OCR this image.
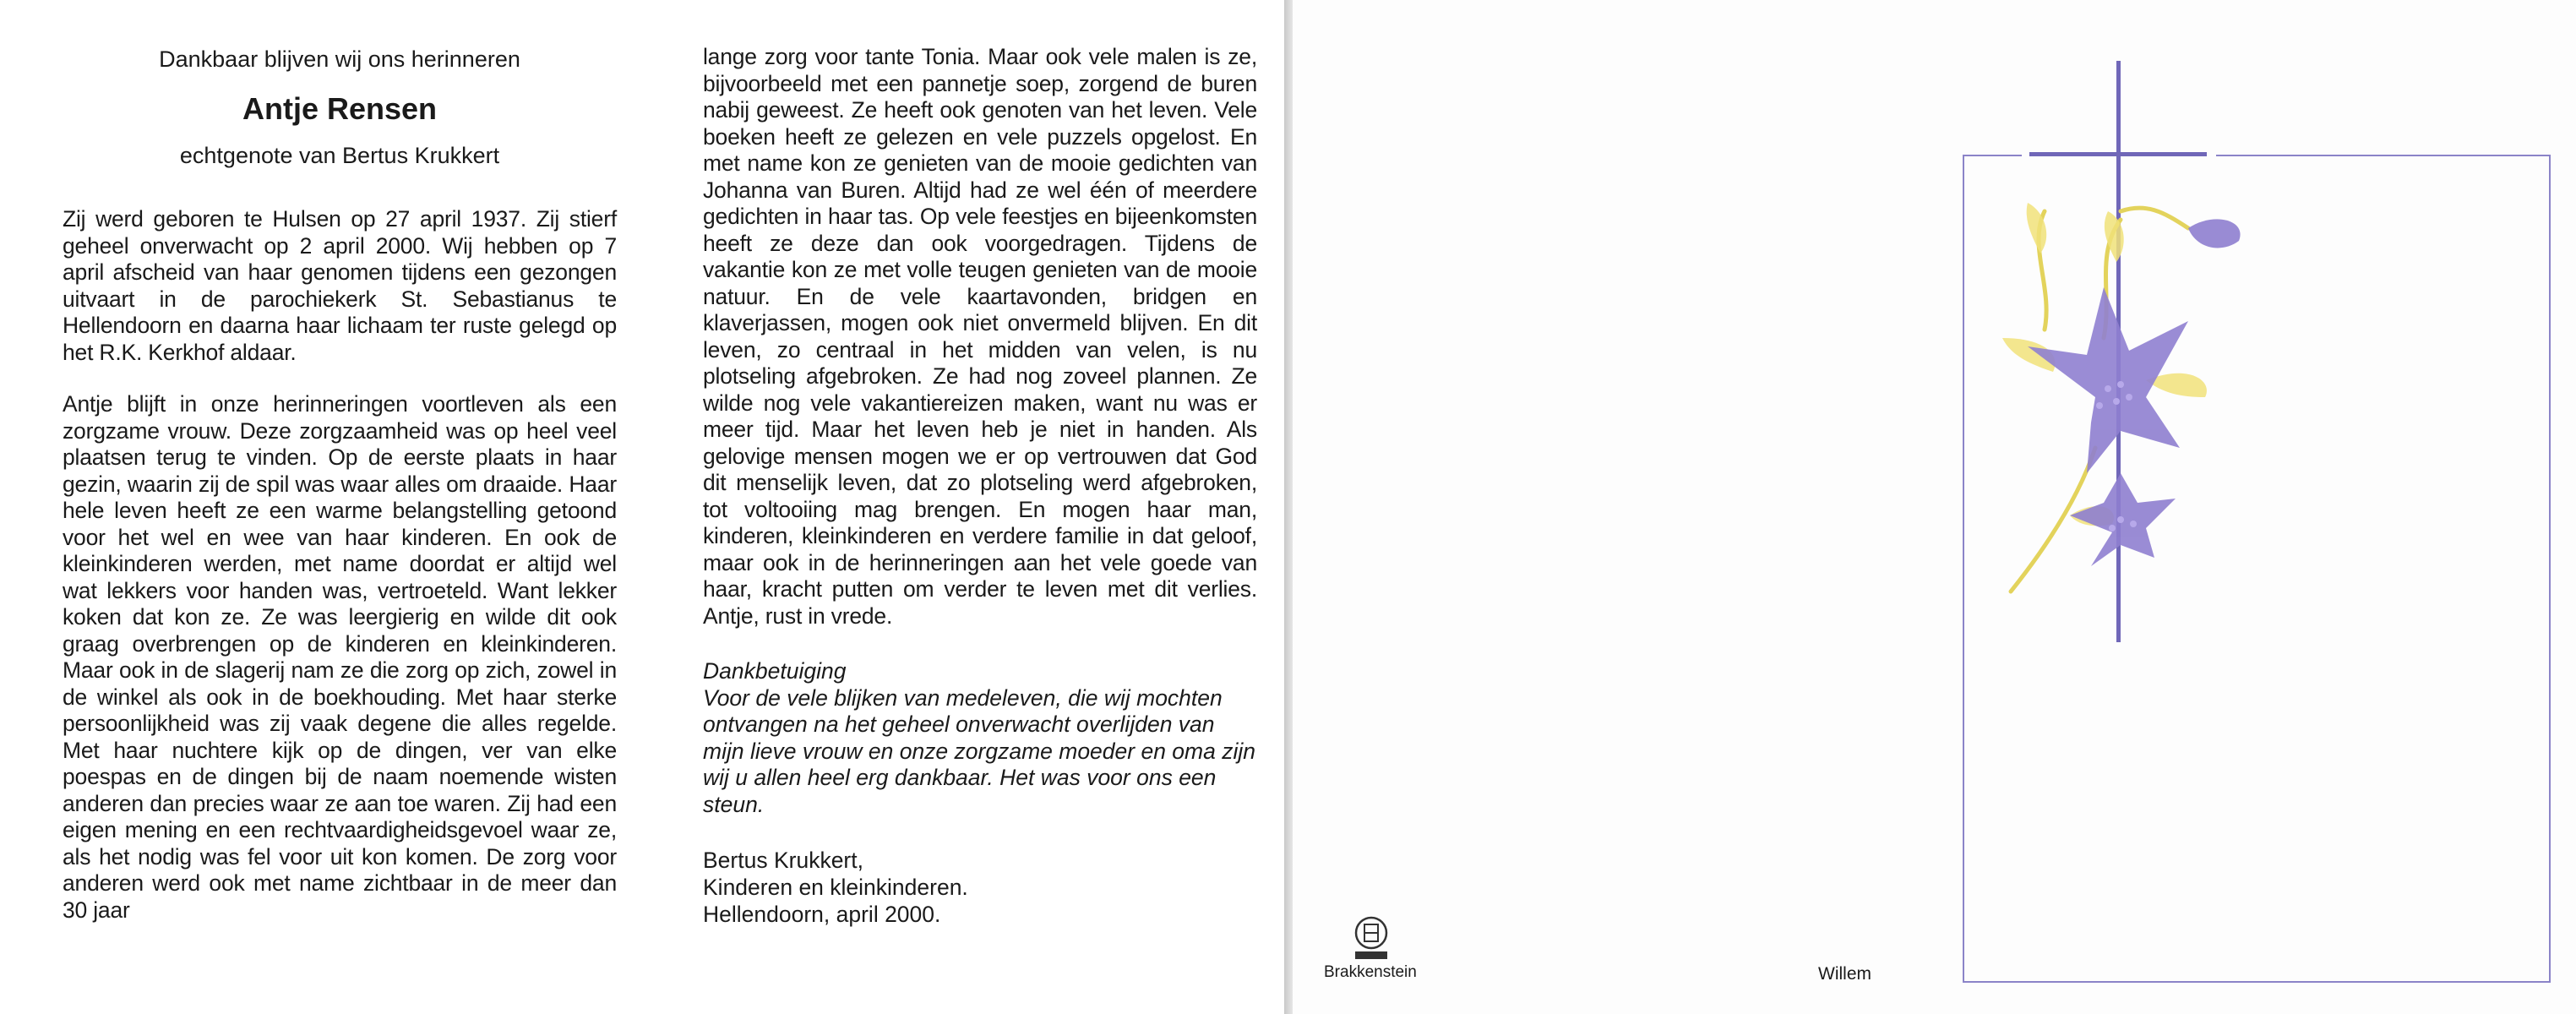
Dankbaar blijven wij ons herinneren

Antje Rensen

echtgenote van Bertus Krukkert

Zij werd geboren te Hulsen op 27 april 1937. Zij stierf geheel onverwacht op 2 april 2000. Wij hebben op 7 april afscheid van haar genomen tijdens een gezongen uitvaart in de parochiekerk St. Sebastianus te Hellendoorn en daarna haar lichaam ter ruste gelegd op het R.K. Kerkhof aldaar.

Antje blijft in onze herinneringen voortleven als een zorgzame vrouw. Deze zorgzaamheid was op heel veel plaatsen terug te vinden. Op de eerste plaats in haar gezin, waarin zij de spil was waar alles om draaide. Haar hele leven heeft ze een warme belangstelling getoond voor het wel en wee van haar kinderen. En ook de kleinkinderen werden, met name doordat er altijd wel wat lekkers voor handen was, vertroeteld. Want lekker koken dat kon ze. Ze was leergierig en wilde dit ook graag overbrengen op de kinderen en kleinkinderen. Maar ook in de slagerij nam ze die zorg op zich, zowel in de winkel als ook in de boekhouding. Met haar sterke persoonlijkheid was zij vaak degene die alles regelde. Met haar nuchtere kijk op de dingen, ver van elke poespas en de dingen bij de naam noemende wisten anderen dan precies waar ze aan toe waren. Zij had een eigen mening en een rechtvaardigheidsgevoel waar ze, als het nodig was fel voor uit kon komen. De zorg voor anderen werd ook met name zichtbaar in de meer dan 30 jaar

lange zorg voor tante Tonia. Maar ook vele malen is ze, bijvoorbeeld met een pannetje soep, zorgend de buren nabij geweest. Ze heeft ook genoten van het leven. Vele boeken heeft ze gelezen en vele puzzels opgelost. En met name kon ze genieten van de mooie gedichten van Johanna van Buren. Altijd had ze wel één of meerdere gedichten in haar tas. Op vele feestjes en bijeenkomsten heeft ze deze dan ook voorgedragen. Tijdens de vakantie kon ze met volle teugen genieten van de mooie natuur. En de vele kaartavonden, bridgen en klaverjassen, mogen ook niet onvermeld blijven. En dit leven, zo centraal in het midden van velen, is nu plotseling afgebroken. Ze had nog zoveel plannen. Ze wilde nog vele vakantiereizen maken, want nu was er meer tijd. Maar het leven heb je niet in handen. Als gelovige mensen mogen we er op vertrouwen dat God dit menselijk leven, dat zo plotseling werd afgebroken, tot voltooiing mag brengen. En mogen haar man, kinderen, kleinkinderen en verdere familie in dat geloof, maar ook in de herinneringen aan het vele goede van haar, kracht putten om verder te leven met dit verlies. Antje, rust in vrede.

Dankbetuiging

Voor de vele blijken van medeleven, die wij mochten ontvangen na het geheel onverwacht overlijden van mijn lieve vrouw en onze zorgzame moeder en oma zijn wij u allen heel erg dankbaar. Het was voor ons een steun.

Bertus Krukkert,

Kinderen en kleinkinderen.

Hellendoorn, april 2000.

Brakkenstein	Willem
